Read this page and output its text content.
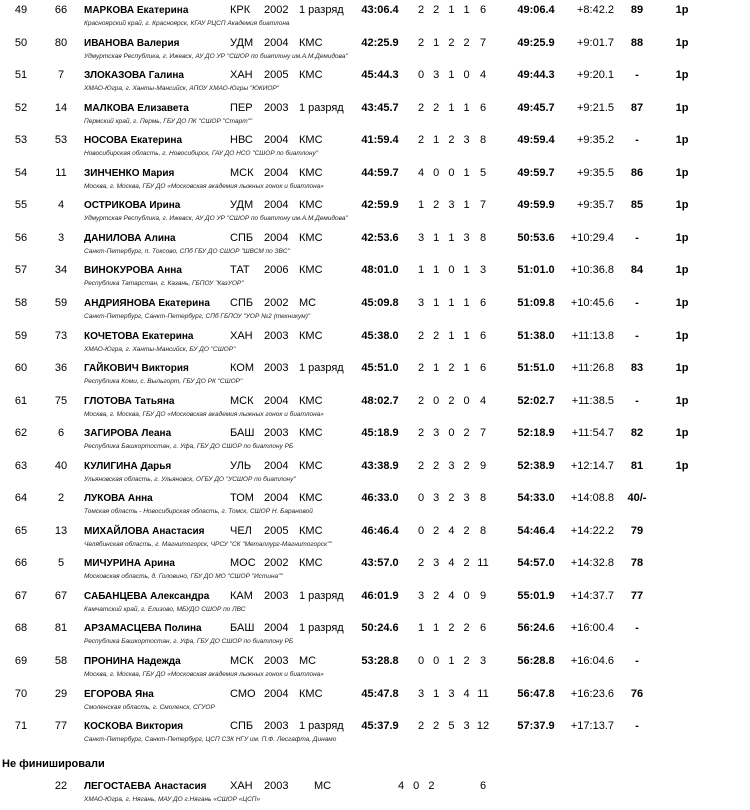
49	66	МАРКОВА Екатерина	КРК 2002 1 разряд	43:06.4	2 2 1 1 6	49:06.4	+8:42.2	89	1р
Красноярский край, г. Красноярск, КГАУ РЦСП Академия биатлона
50	80	ИВАНОВА Валерия	УДМ 2004 КМС	42:25.9	2 1 2 2 7	49:25.9	+9:01.7	88	1р
Удмуртская Республика, г. Ижевск, АУ ДО УР "СШОР по биатлону им.А.М.Демидова"
51	7	ЗЛОКАЗОВА Галина	ХАН 2005 КМС	45:44.3	0 3 1 0 4	49:44.3	+9:20.1	-	1р
ХМАО-Югра, г. Ханты-Мансийск, АПОУ ХМАО-Югры "ЮКИОР"
52	14	МАЛКОВА Елизавета	ПЕР 2003 1 разряд	43:45.7	2 2 1 1 6	49:45.7	+9:21.5	87	1р
Пермский край, г. Пермь, ГБУ ДО ПК "СШОР "Старт""
53	53	НОСОВА Екатерина	НВС 2004 КМС	41:59.4	2 1 2 3 8	49:59.4	+9:35.2	-	1р
Новосибирская область, г. Новосибирск, ГАУ ДО НСО "СШОР по биатлону"
54	11	ЗИНЧЕНКО Мария	МСК 2004 КМС	44:59.7	4 0 0 1 5	49:59.7	+9:35.5	86	1р
Москва, г. Москва, ГБУ ДО «Московская академия лыжных гонок и биатлона»
55	4	ОСТРИКОВА Ирина	УДМ 2004 КМС	42:59.9	1 2 3 1 7	49:59.9	+9:35.7	85	1р
Удмуртская Республика, г. Ижевск, АУ ДО УР "СШОР по биатлону им.А.М.Демидова"
56	3	ДАНИЛОВА Алина	СПБ 2004 КМС	42:53.6	3 1 1 3 8	50:53.6	+10:29.4	-	1р
Санкт-Петербург, п. Токсово, СПб ГБУ ДО СШОР "ШВСМ по ЗВС"
57	34	ВИНОКУРОВА Анна	ТАТ 2006 КМС	48:01.0	1 1 0 1 3	51:01.0	+10:36.8	84	1р
Республика Татарстан, г. Казань, ГБПОУ "КазУОР"
58	59	АНДРИЯНОВА Екатерина СПБ 2002 МС	45:09.8	3 1 1 1 6	51:09.8	+10:45.6	-	1р
Санкт-Петербург, Санкт-Петербург, СПб ГБПОУ "УОР №2 (техникум)"
59	73	КОЧЕТОВА Екатерина	ХАН 2003 КМС	45:38.0	2 2 1 1 6	51:38.0	+11:13.8	-	1р
ХМАО-Югра, г. Ханты-Мансийск, БУ ДО "СШОР"
60	36	ГАЙКОВИЧ Виктория	КОМ 2003 1 разряд	45:51.0	2 1 2 1 6	51:51.0	+11:26.8	83	1р
Республика Коми, с. Выльгорт, ГБУ ДО РК "СШОР"
61	75	ГЛОТОВА Татьяна	МСК 2004 КМС	48:02.7	2 0 2 0 4	52:02.7	+11:38.5	-	1р
Москва, г. Москва, ГБУ ДО «Московская академия лыжных гонок и биатлона»
62	6	ЗАГИРОВА Леана	БАШ 2003 КМС	45:18.9	2 3 0 2 7	52:18.9	+11:54.7	82	1р
Республика Башкортостан, г. Уфа, ГБУ ДО СШОР по биатлону РБ
63	40	КУЛИГИНА Дарья	УЛЬ 2004 КМС	43:38.9	2 2 3 2 9	52:38.9	+12:14.7	81	1р
Ульяновская область, г. Ульяновск, ОГБУ ДО "УСШОР по биатлону"
64	2	ЛУКОВА Анна	ТОМ 2004 КМС	46:33.0	0 3 2 3 8	54:33.0	+14:08.8	40/-
Томская область - Новосибирская область, г. Томск, СШОР Н. Барановой
65	13	МИХАЙЛОВА Анастасия ЧЕЛ 2005 КМС	46:46.4	0 2 4 2 8	54:46.4	+14:22.2	79
Челябинская область, г. Магнитогорск, ЧРСУ "СК "Металлург-Магнитогорск""
66	5	МИЧУРИНА Арина	МОС 2002 КМС	43:57.0	2 3 4 2 11	54:57.0	+14:32.8	78
Московская область, д. Головино, ГБУ ДО МО "СШОР "Истина""
67	67	САБАНЦЕВА Александра КАМ 2003 1 разряд	46:01.9	3 2 4 0 9	55:01.9	+14:37.7	77
Камчатский край, г. Елизово, МБУДО СШОР по ЛВС
68	81	АРЗАМАСЦЕВА Полина	БАШ 2004 1 разряд	50:24.6	1 1 2 2 6	56:24.6	+16:00.4	-
Республика Башкортостан, г. Уфа, ГБУ ДО СШОР по биатлону РБ
69	58	ПРОНИНА Надежда	МСК 2003 МС	53:28.8	0 0 1 2 3	56:28.8	+16:04.6	-
Москва, г. Москва, ГБУ ДО «Московская академия лыжных гонок и биатлона»
70	29	ЕГОРОВА Яна	СМО 2004 КМС	45:47.8	3 1 3 4 11	56:47.8	+16:23.6	76
Смоленская область, г. Смоленск, СГУОР
71	77	КОСКОВА Виктория	СПБ 2003 1 разряд	45:37.9	2 2 5 3 12	57:37.9	+17:13.7	-
Санкт-Петербург, Санкт-Петербург, ЦСП СЗК НГУ им. П.Ф. Лесгафта, Динамо
Не финишировали
22	ЛЕГОСТАЕВА Анастасия ХАН 2003 МС	4 0 2	6
ХМАО-Югра, г. Нягань, МАУ ДО г.Нягань «СШОР «ЦСП»
